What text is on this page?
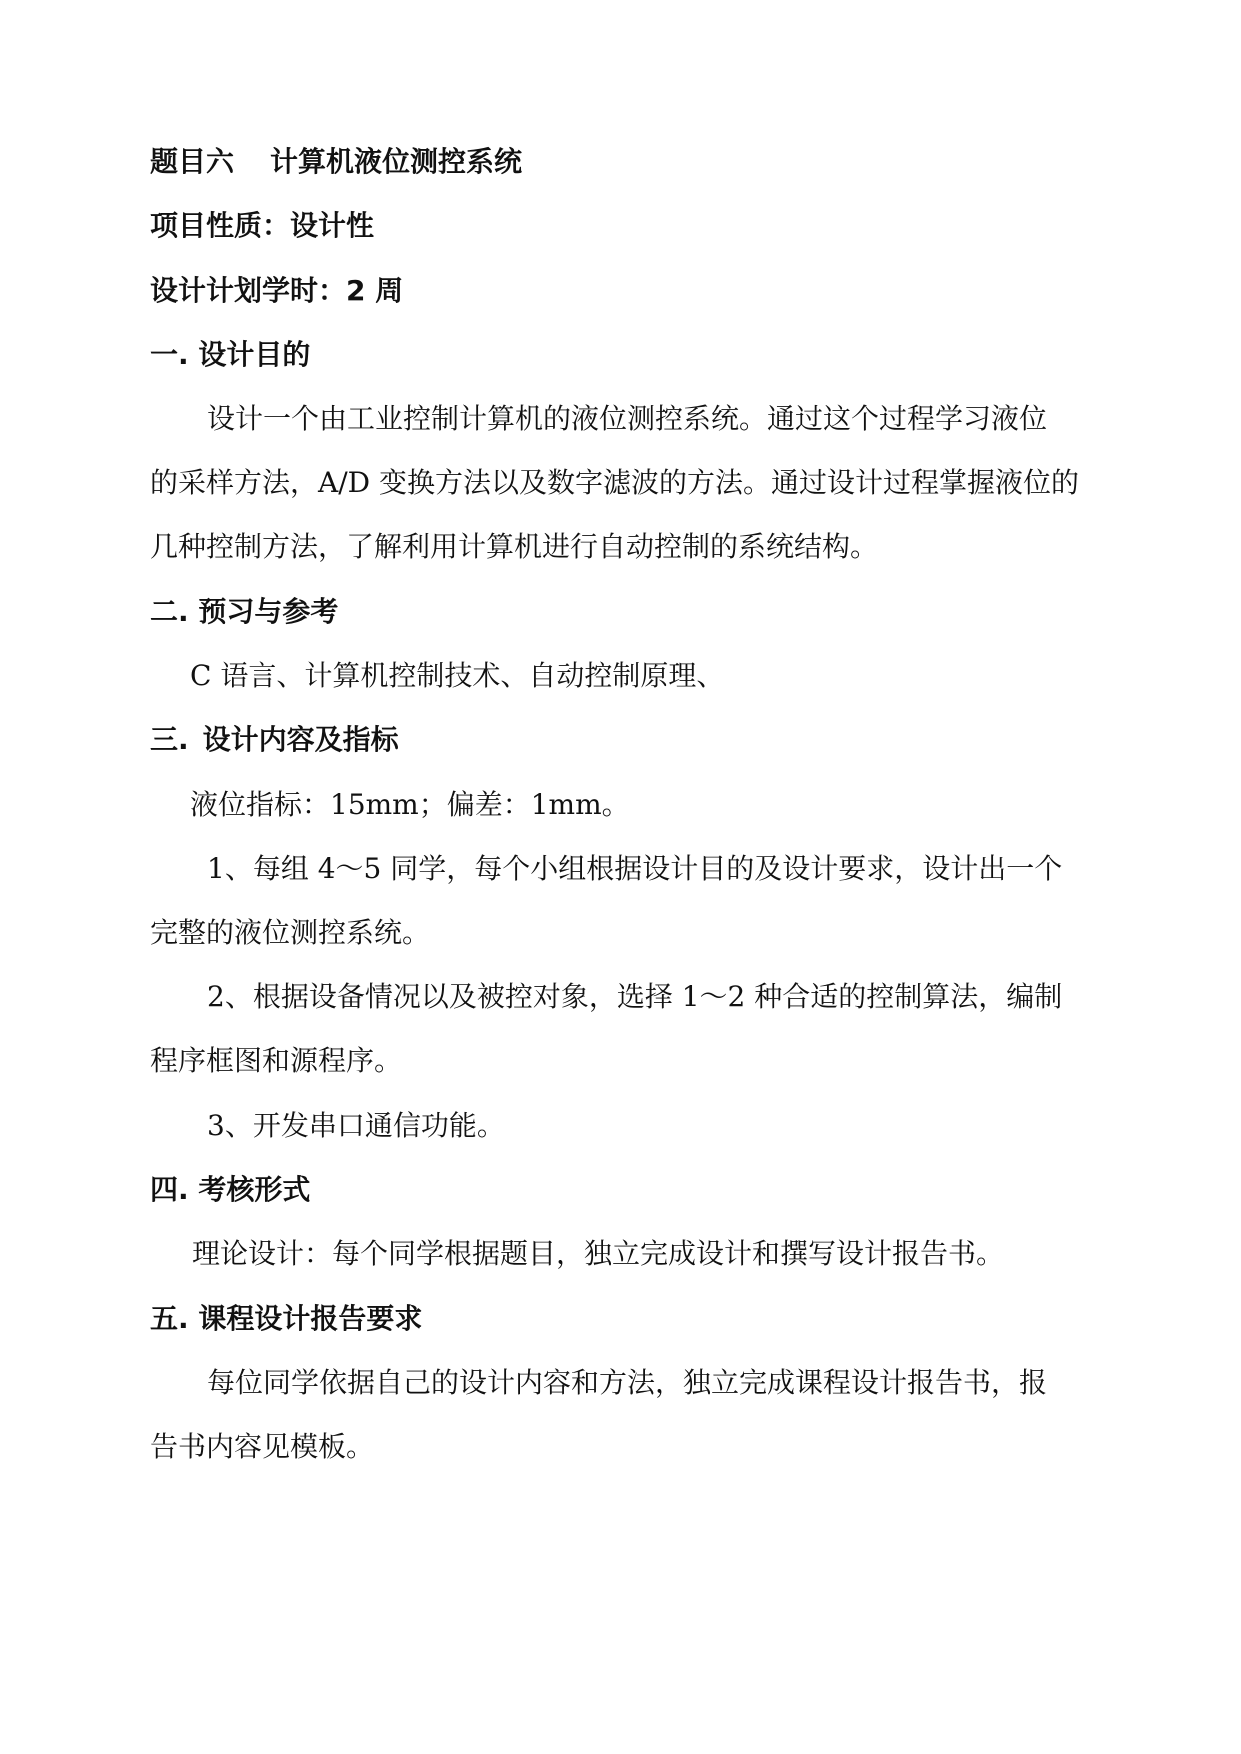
题目六 计算机液位测控系统
项目性质：设计性
设计计划学时：2 周
一. 设计目的
设计一个由工业控制计算机的液位测控系统。通过这个过程学习液位
的采样方法，A/D 变换方法以及数字滤波的方法。通过设计过程掌握液位的
几种控制方法，了解利用计算机进行自动控制的系统结构。
二. 预习与参考
C 语言、计算机控制技术、自动控制原理、
三. 设计内容及指标
液位指标：15mm；偏差：1mm。
1、每组 4～5 同学，每个小组根据设计目的及设计要求，设计出一个
完整的液位测控系统。
2、根据设备情况以及被控对象，选择 1～2 种合适的控制算法，编制
程序框图和源程序。
3、开发串口通信功能。
四. 考核形式
理论设计：每个同学根据题目，独立完成设计和撰写设计报告书。
五. 课程设计报告要求
每位同学依据自己的设计内容和方法，独立完成课程设计报告书，报
告书内容见模板。
